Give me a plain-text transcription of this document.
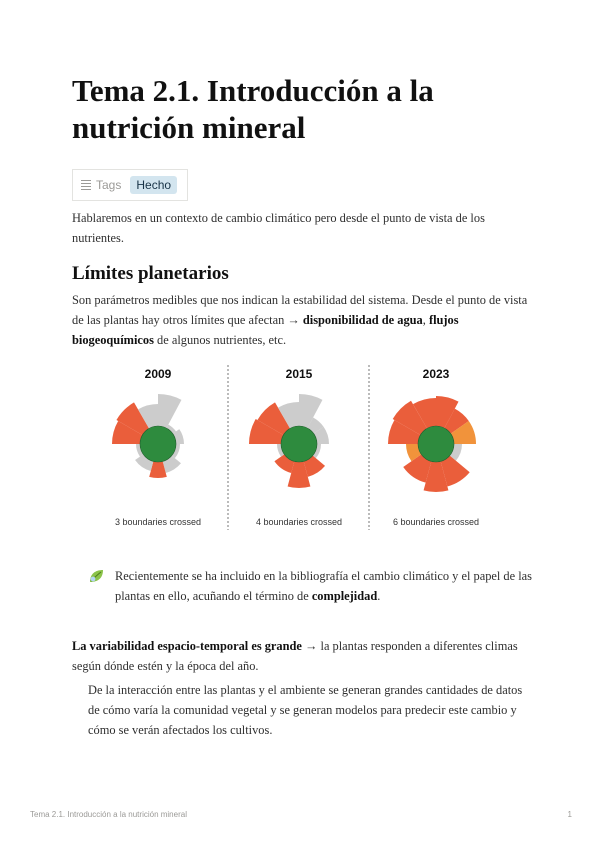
Tema 2.1. Introducción a la nutrición mineral
Tags	Hecho

Hablaremos en un contexto de cambio climático pero desde el punto de vista de los nutrientes.

Límites planetarios

Son parámetros medibles que nos indican la estabilidad del sistema. Desde el punto de vista de las plantas hay otros límites que afectan → disponibilidad de agua, flujos biogeoquímicos de algunos nutrientes, etc.

2009
3 boundaries crossed
2015
4 boundaries crossed
2023
6 boundaries crossed

Recientemente se ha incluido en la bibliografía el cambio climático y el papel de las plantas en ello, acuñando el término de complejidad.

La variabilidad espacio-temporal es grande → la plantas responden a diferentes climas según dónde estén y la época del año.

De la interacción entre las plantas y el ambiente se generan grandes cantidades de datos de cómo varía la comunidad vegetal y se generan modelos para predecir este cambio y cómo se verán afectados los cultivos.

Tema 2.1. Introducción a la nutrición mineral	1
